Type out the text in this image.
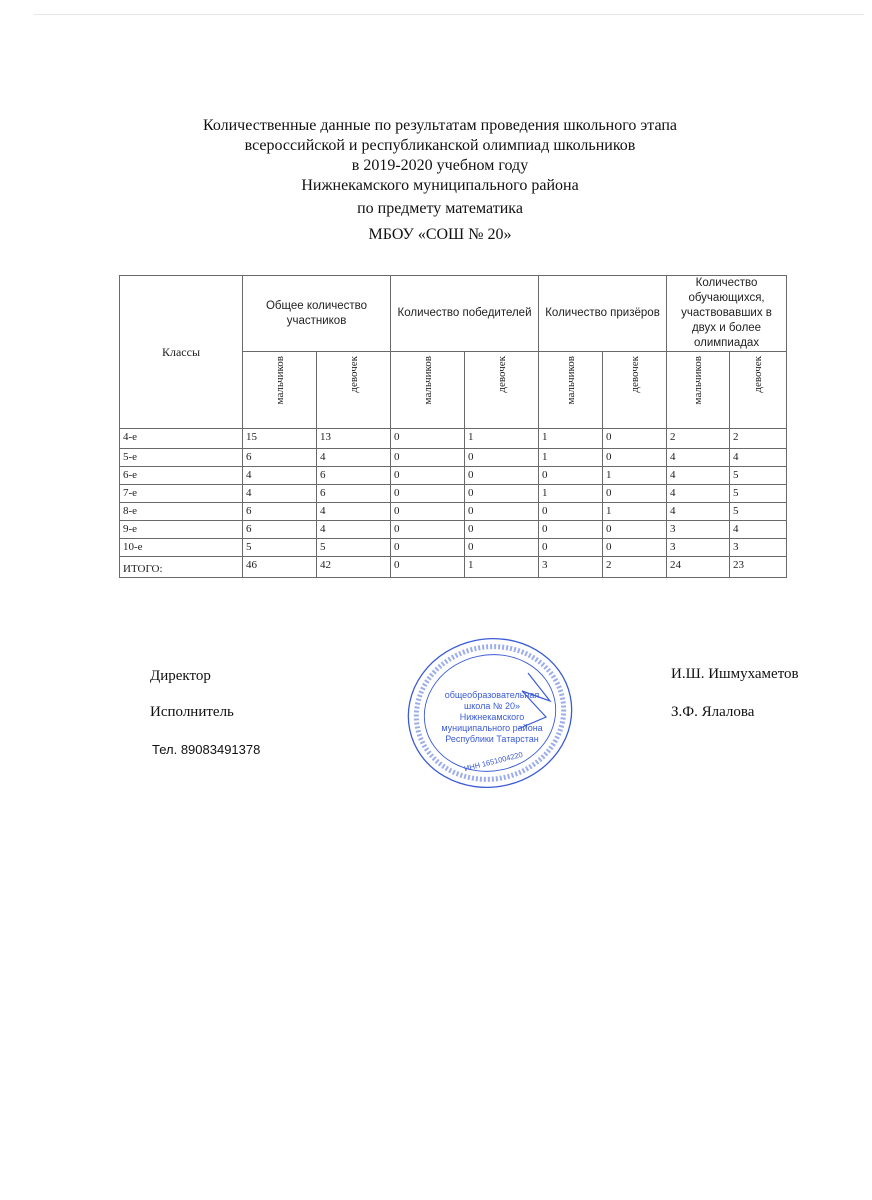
Количественные данные по результатам проведения школьного этапа
всероссийской и республиканской олимпиад школьников
в 2019-2020 учебном году
Нижнекамского муниципального района
по предмету математика
МБОУ «СОШ № 20»
Классы	Общее количество участников		Количество победителей		Количество призёров		Количество обучающихся, участвовавших в двух и более олимпиадах	
	мальчиков	девочек	мальчиков	девочек	мальчиков	девочек	мальчиков	девочек
4-е	15	13	0	1	1	0	2	2
5-е	6	4	0	0	1	0	4	4
6-е	4	6	0	0	0	1	4	5
7-е	4	6	0	0	1	0	4	5
8-е	6	4	0	0	0	1	4	5
9-е	6	4	0	0	0	0	3	4
10-е	5	5	0	0	0	0	3	3
ИТОГО:	46	42	0	1	3	2	24	23
Директор
Исполнитель
Тел. 89083491378
И.Ш. Ишмухаметов
З.Ф. Ялалова
общеобразовательная
школа № 20»
Нижнекамского
муниципального района
Республики Татарстан
ИНН 1651004220
